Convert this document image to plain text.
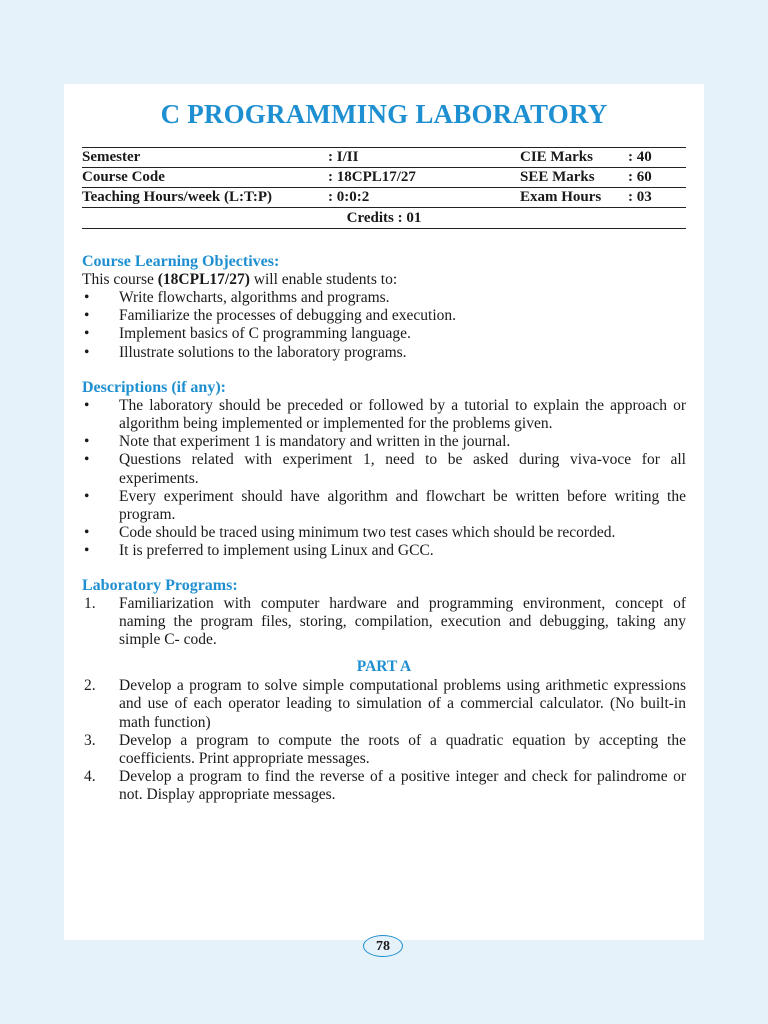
C PROGRAMMING LABORATORY
Semester	: I/II	CIE Marks : 40
Course Code	: 18CPL17/27	SEE Marks : 60
Teaching Hours/week (L:T:P)	: 0:0:2	Exam Hours : 03
Credits : 01
Course Learning Objectives:

This course (18CPL17/27) will enable students to:

• Write flowcharts, algorithms and programs.
• Familiarize the processes of debugging and execution.
• Implement basics of C programming language.
• Illustrate solutions to the laboratory programs.
Descriptions (if any):
• The laboratory should be preceded or followed by a tutorial to explain the approach or algorithm being implemented or implemented for the problems given.
• Note that experiment 1 is mandatory and written in the journal.
• Questions related with experiment 1, need to be asked during viva-voce for all experiments.
• Every experiment should have algorithm and flowchart be written before writing the program.
• Code should be traced using minimum two test cases which should be recorded.
• It is preferred to implement using Linux and GCC.
Laboratory Programs:
1. Familiarization with computer hardware and programming environment, concept of naming the program files, storing, compilation, execution and debugging, taking any simple C- code.
PART A
2. Develop a program to solve simple computational problems using arithmetic expressions and use of each operator leading to simulation of a commercial calculator. (No built-in math function)
3. Develop a program to compute the roots of a quadratic equation by accepting the coefficients. Print appropriate messages.
4. Develop a program to find the reverse of a positive integer and check for palindrome or not. Display appropriate messages.
78
